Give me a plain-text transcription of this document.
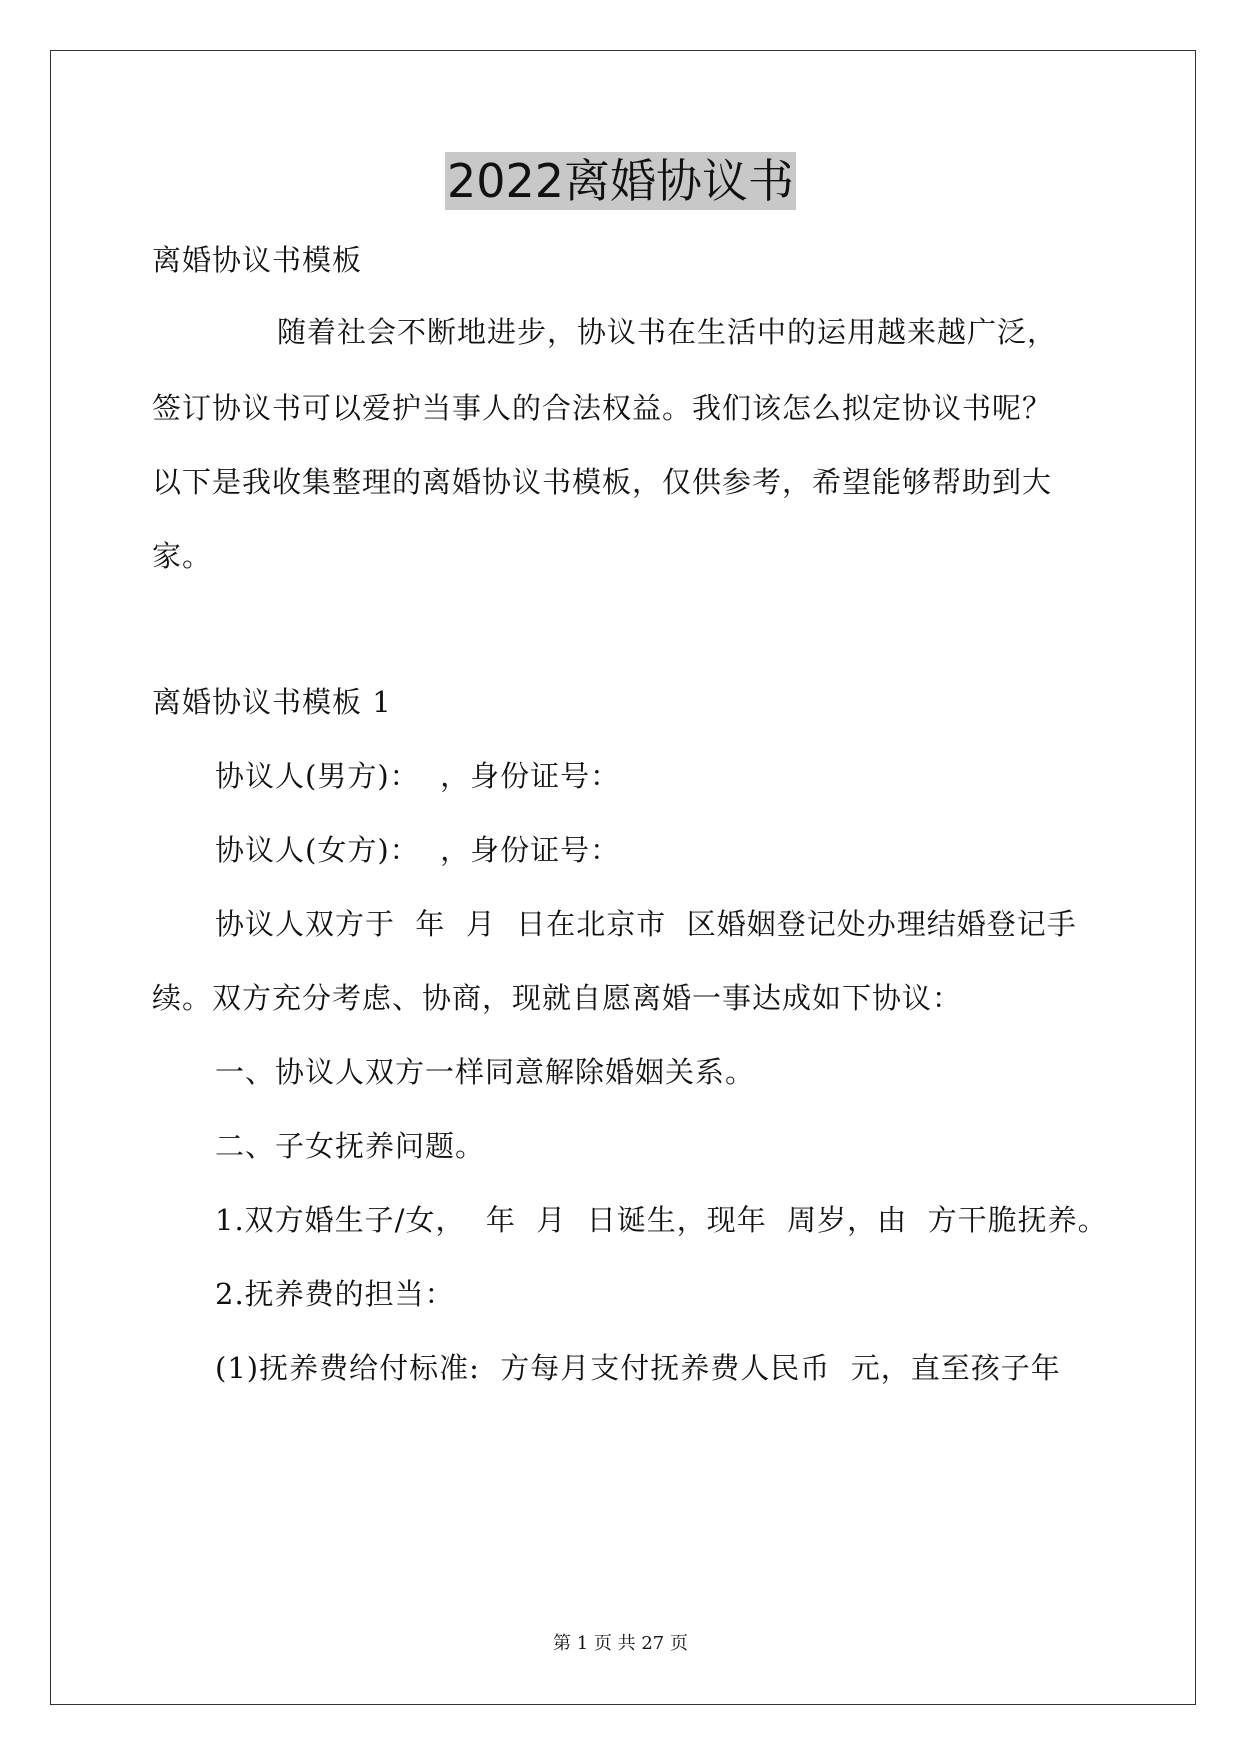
2022离婚协议书
离婚协议书模板
随着社会不断地进步，协议书在生活中的运用越来越广泛，
签订协议书可以爱护当事人的合法权益。我们该怎么拟定协议书呢？
以下是我收集整理的离婚协议书模板，仅供参考，希望能够帮助到大
家。
离婚协议书模板 1
协议人(男方)：  ，身份证号：
协议人(女方)：  ，身份证号：
协议人双方于  年  月  日在北京市  区婚姻登记处办理结婚登记手
续。双方充分考虑、协商，现就自愿离婚一事达成如下协议：
一、协议人双方一样同意解除婚姻关系。
二、子女抚养问题。
1.双方婚生子/女，  年  月  日诞生，现年  周岁，由  方干脆抚养。
2.抚养费的担当：
(1)抚养费给付标准:  方每月支付抚养费人民币  元，直至孩子年
第 1 页 共 27 页
